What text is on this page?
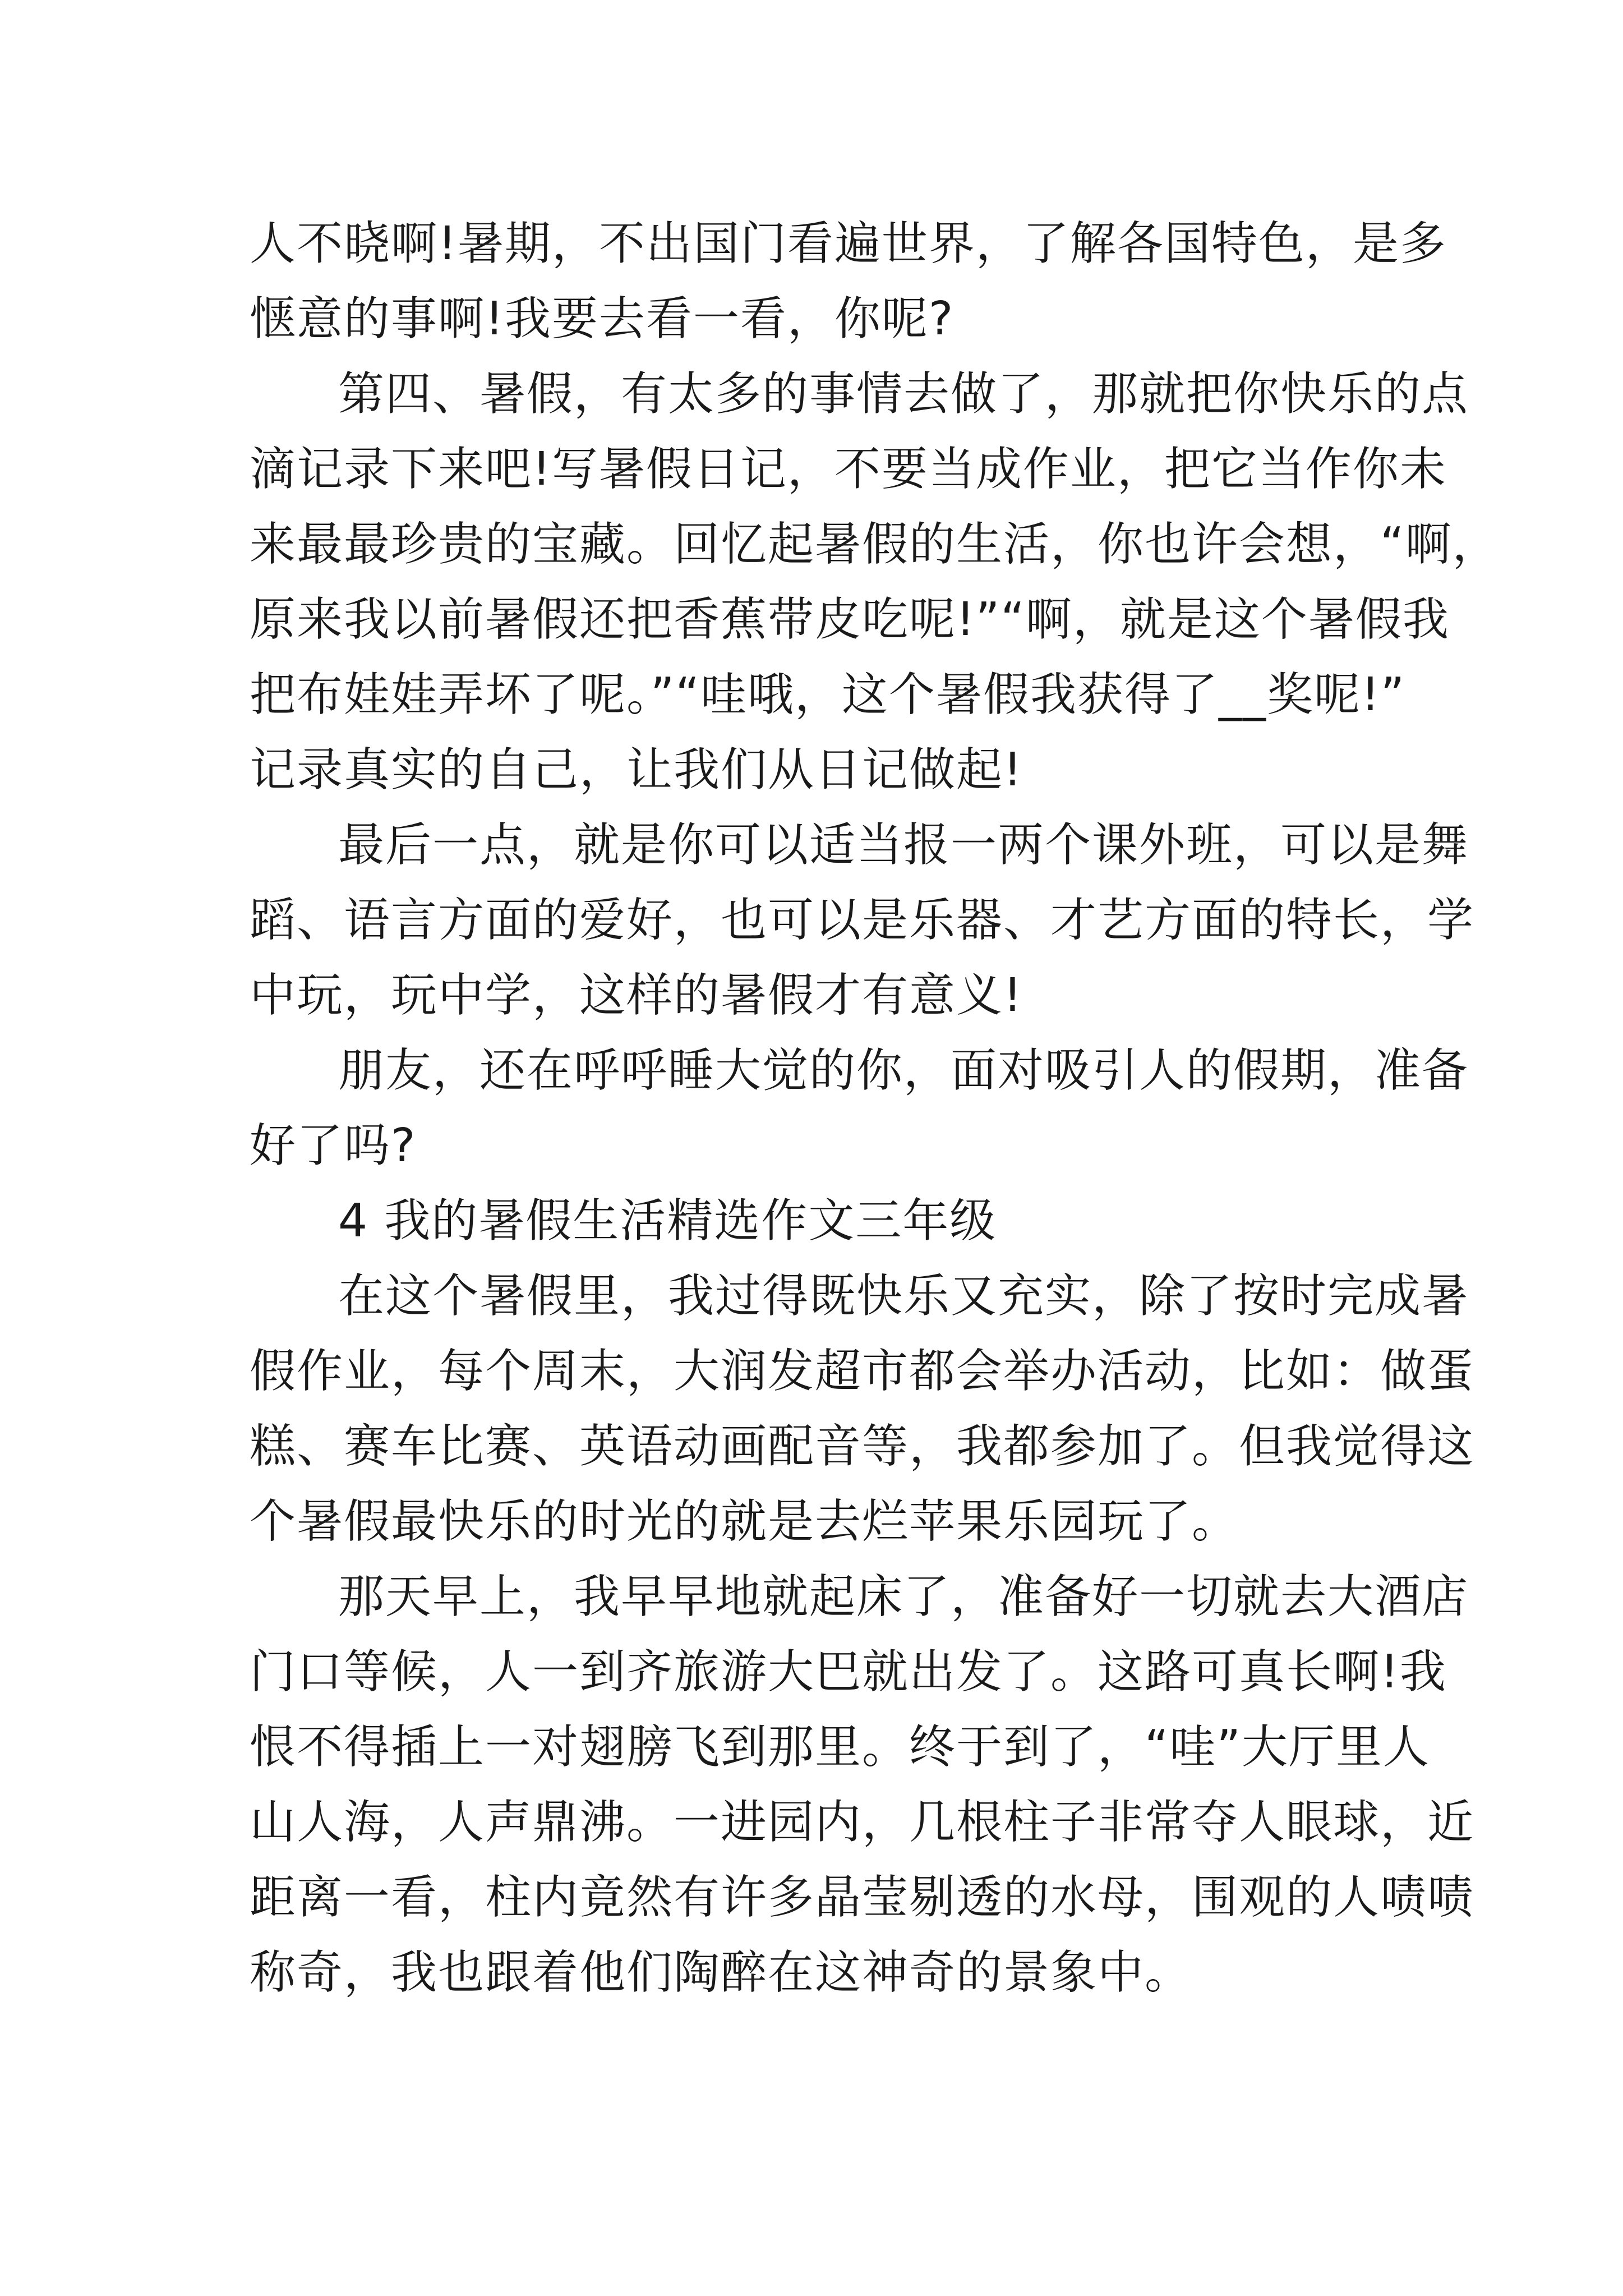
人不晓啊!暑期，不出国门看遍世界，了解各国特色，是多
惬意的事啊!我要去看一看，你呢?
第四、暑假，有太多的事情去做了，那就把你快乐的点
滴记录下来吧!写暑假日记，不要当成作业，把它当作你未
来最最珍贵的宝藏。回忆起暑假的生活，你也许会想，“啊，
原来我以前暑假还把香蕉带皮吃呢!”“啊，就是这个暑假我
把布娃娃弄坏了呢。”“哇哦，这个暑假我获得了__奖呢!”
记录真实的自己，让我们从日记做起!
最后一点，就是你可以适当报一两个课外班，可以是舞
蹈、语言方面的爱好，也可以是乐器、才艺方面的特长，学
中玩，玩中学，这样的暑假才有意义!
朋友，还在呼呼睡大觉的你，面对吸引人的假期，准备
好了吗?
4 我的暑假生活精选作文三年级
在这个暑假里，我过得既快乐又充实，除了按时完成暑
假作业，每个周末，大润发超市都会举办活动，比如：做蛋
糕、赛车比赛、英语动画配音等，我都参加了。但我觉得这
个暑假最快乐的时光的就是去烂苹果乐园玩了。
那天早上，我早早地就起床了，准备好一切就去大酒店
门口等候，人一到齐旅游大巴就出发了。这路可真长啊!我
恨不得插上一对翅膀飞到那里。终于到了，“哇”大厅里人
山人海，人声鼎沸。一进园内，几根柱子非常夺人眼球，近
距离一看，柱内竟然有许多晶莹剔透的水母，围观的人啧啧
称奇，我也跟着他们陶醉在这神奇的景象中。
